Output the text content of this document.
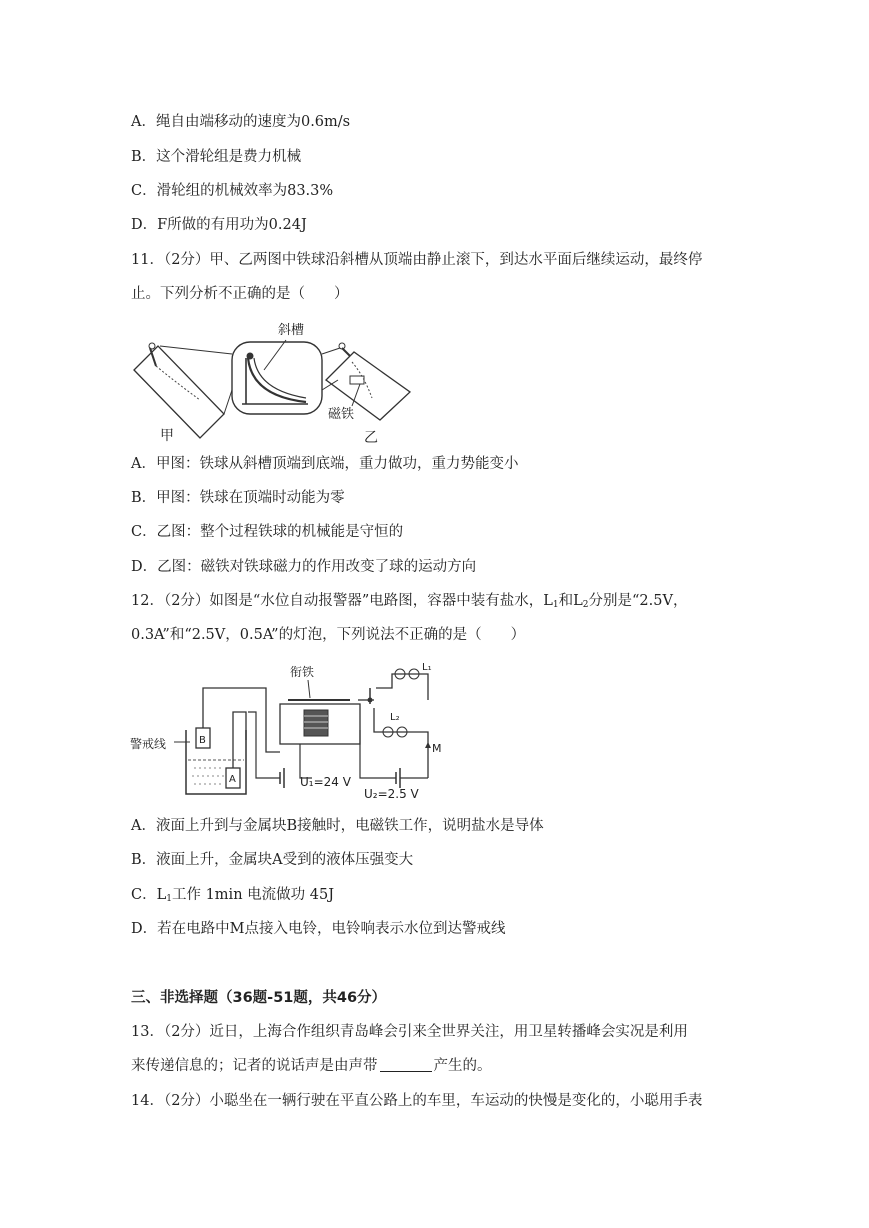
A．绳自由端移动的速度为0.6m/s
B．这个滑轮组是费力机械
C．滑轮组的机械效率为83.3%
D．F所做的有用功为0.24J
11．（2分）甲、乙两图中铁球沿斜槽从顶端由静止滚下，到达水平面后继续运动，最终停
止。下列分析不正确的是（　　）
斜槽
磁铁
甲	乙
A．甲图：铁球从斜槽顶端到底端，重力做功，重力势能变小
B．甲图：铁球在顶端时动能为零
C．乙图：整个过程铁球的机械能是守恒的
D．乙图：磁铁对铁球磁力的作用改变了球的运动方向
12．（2分）如图是“水位自动报警器”电路图，容器中装有盐水，$L_1$和$L_2$分别是“2.5V，
0.3A”和“2.5V，0.5A”的灯泡，下列说法不正确的是（　　）
警戒线	B
A	U₁=24 V
衔铁	L₁
L₂
M
U₂=2.5 V
A．液面上升到与金属块B接触时，电磁铁工作，说明盐水是导体
B．液面上升，金属块A受到的液体压强变大
C．$L_1$工作 1min 电流做功 45J
D．若在电路中M点接入电铃，电铃响表示水位到达警戒线
三、非选择题（36题-51题，共46分）
13．（2分）近日，上海合作组织青岛峰会引来全世界关注，用卫星转播峰会实况是利用
来传递信息的；记者的说话声是由声带	产生的。
14．（2分）小聪坐在一辆行驶在平直公路上的车里，车运动的快慢是变化的，小聪用手表
